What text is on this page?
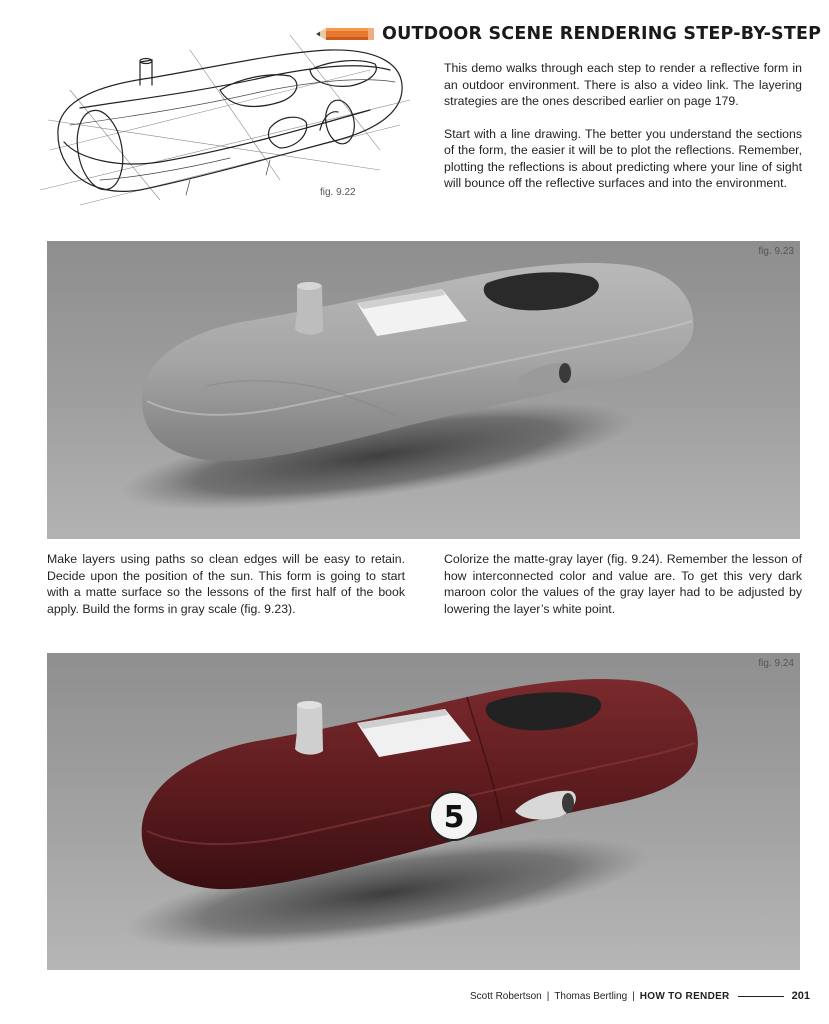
OUTDOOR SCENE RENDERING STEP-BY-STEP
fig. 9.22

This demo walks through each step to render a reflective form in an outdoor environment. There is also a video link. The layering strategies are the ones described earlier on page 179.

Start with a line drawing. The better you understand the sections of the form, the easier it will be to plot the reflections. Remember, plotting the reflections is about predicting where your line of sight will bounce off the reflective surfaces and into the environment.

fig. 9.23

Make layers using paths so clean edges will be easy to retain. Decide upon the position of the sun. This form is going to start with a matte surface so the lessons of the first half of the book apply. Build the forms in gray scale (fig. 9.23).

Colorize the matte-gray layer (fig. 9.24). Remember the lesson of how interconnected color and value are. To get this very dark maroon color the values of the gray layer had to be adjusted by lowering the layer’s white point.

5
fig. 9.24
Scott Robertson | Thomas Bertling | HOW TO RENDER	201
